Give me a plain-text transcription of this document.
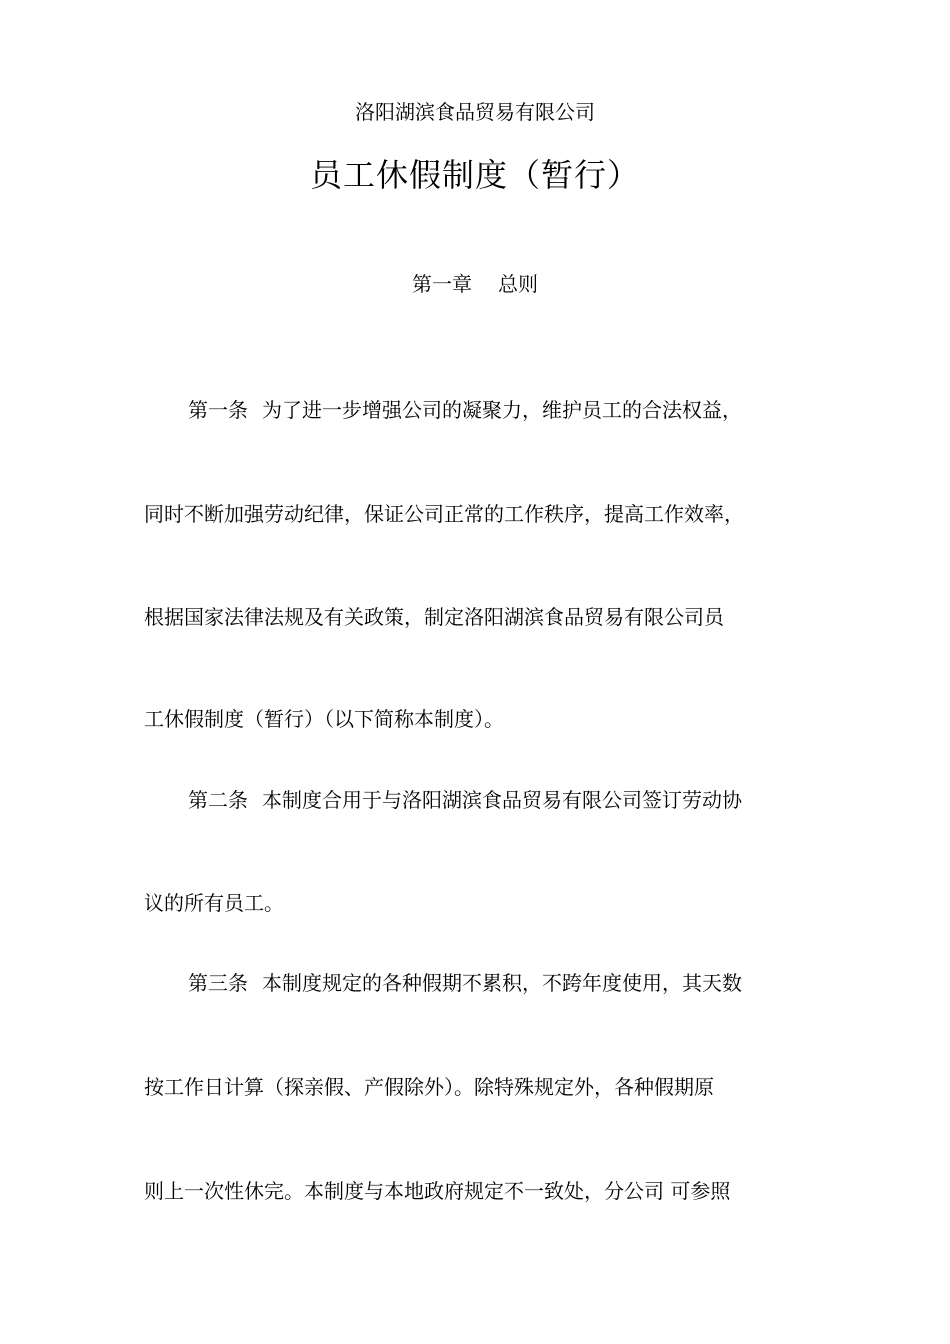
洛阳湖滨食品贸易有限公司
员工休假制度（暂行）
第一章 总则
第一条 为了进一步增强公司的凝聚力，维护员工的合法权益，
同时不断加强劳动纪律，保证公司正常的工作秩序，提高工作效率，
根据国家法律法规及有关政策，制定洛阳湖滨食品贸易有限公司员
工休假制度（暂行）（以下简称本制度）。
第二条 本制度合用于与洛阳湖滨食品贸易有限公司签订劳动协
议的所有员工。
第三条 本制度规定的各种假期不累积，不跨年度使用，其天数
按工作日计算（探亲假、产假除外）。除特殊规定外，各种假期原
则上一次性休完。本制度与本地政府规定不一致处，分公司 可参照
